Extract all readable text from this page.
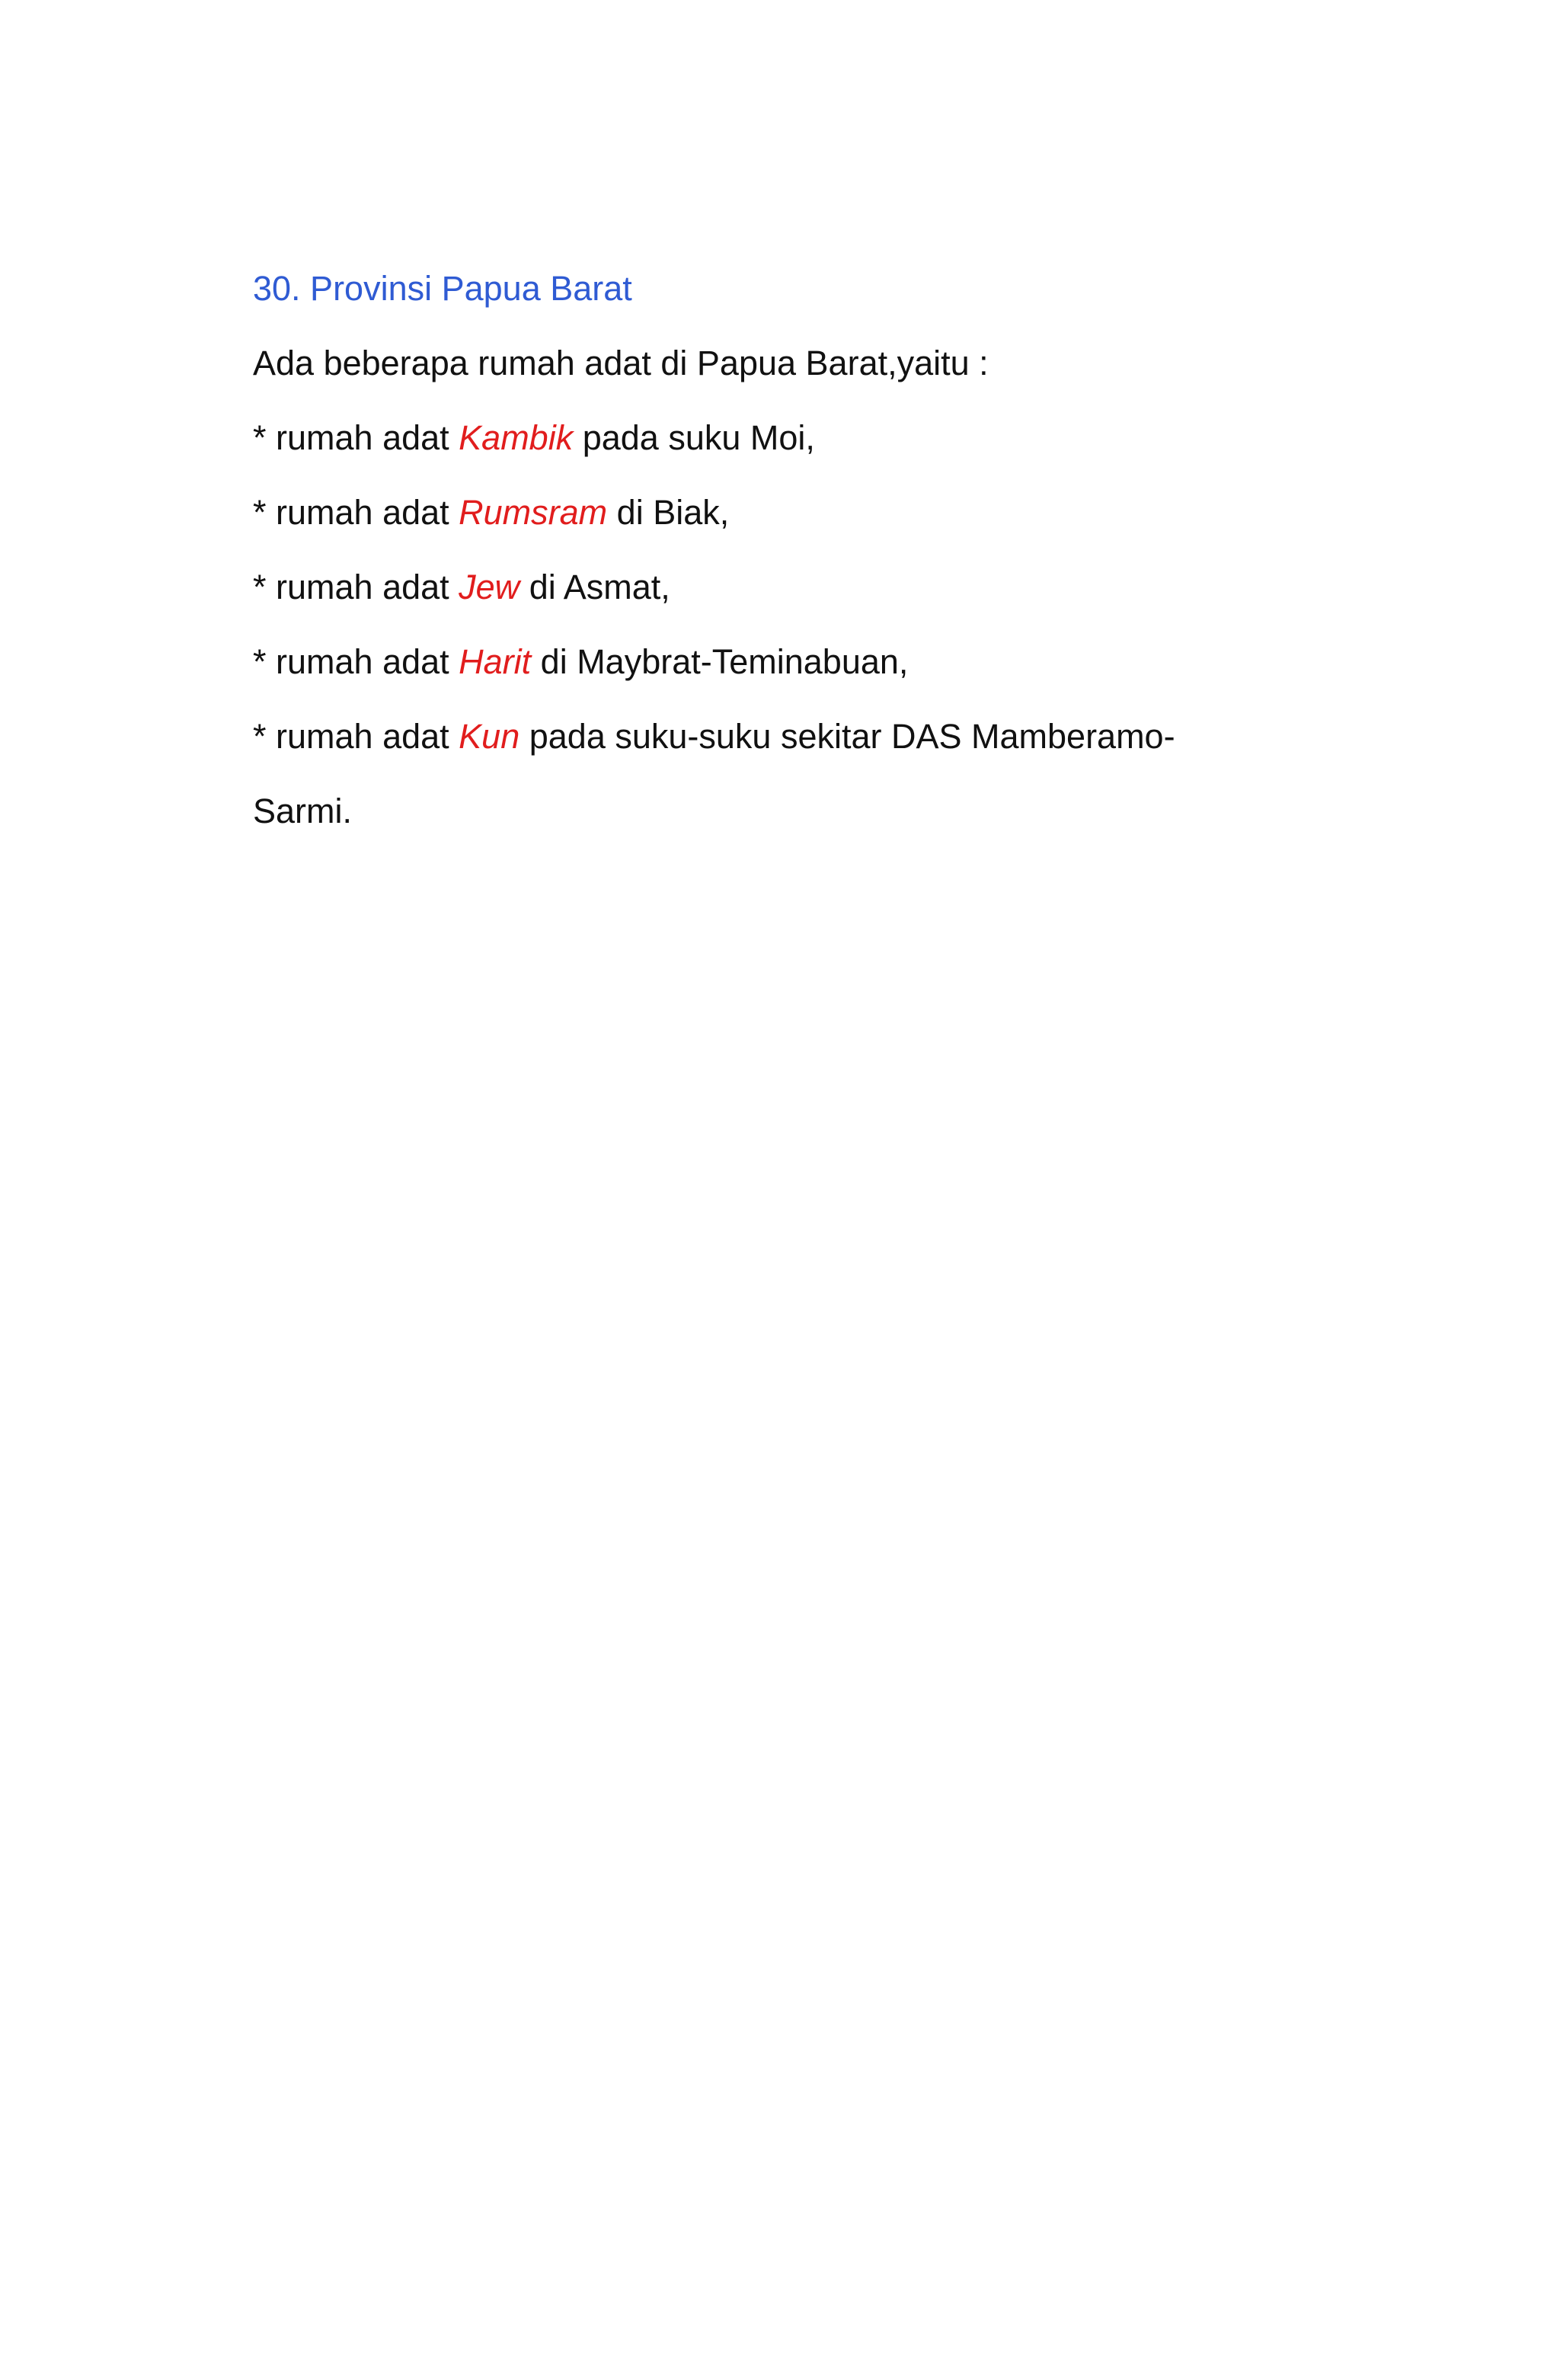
30. Provinsi Papua Barat
Ada beberapa rumah adat di Papua Barat,yaitu :
* rumah adat Kambik pada suku Moi,
* rumah adat Rumsram di Biak,
* rumah adat Jew di Asmat,
* rumah adat Harit di Maybrat-Teminabuan,
* rumah adat Kun pada suku-suku sekitar DAS Mamberamo-
Sarmi.
